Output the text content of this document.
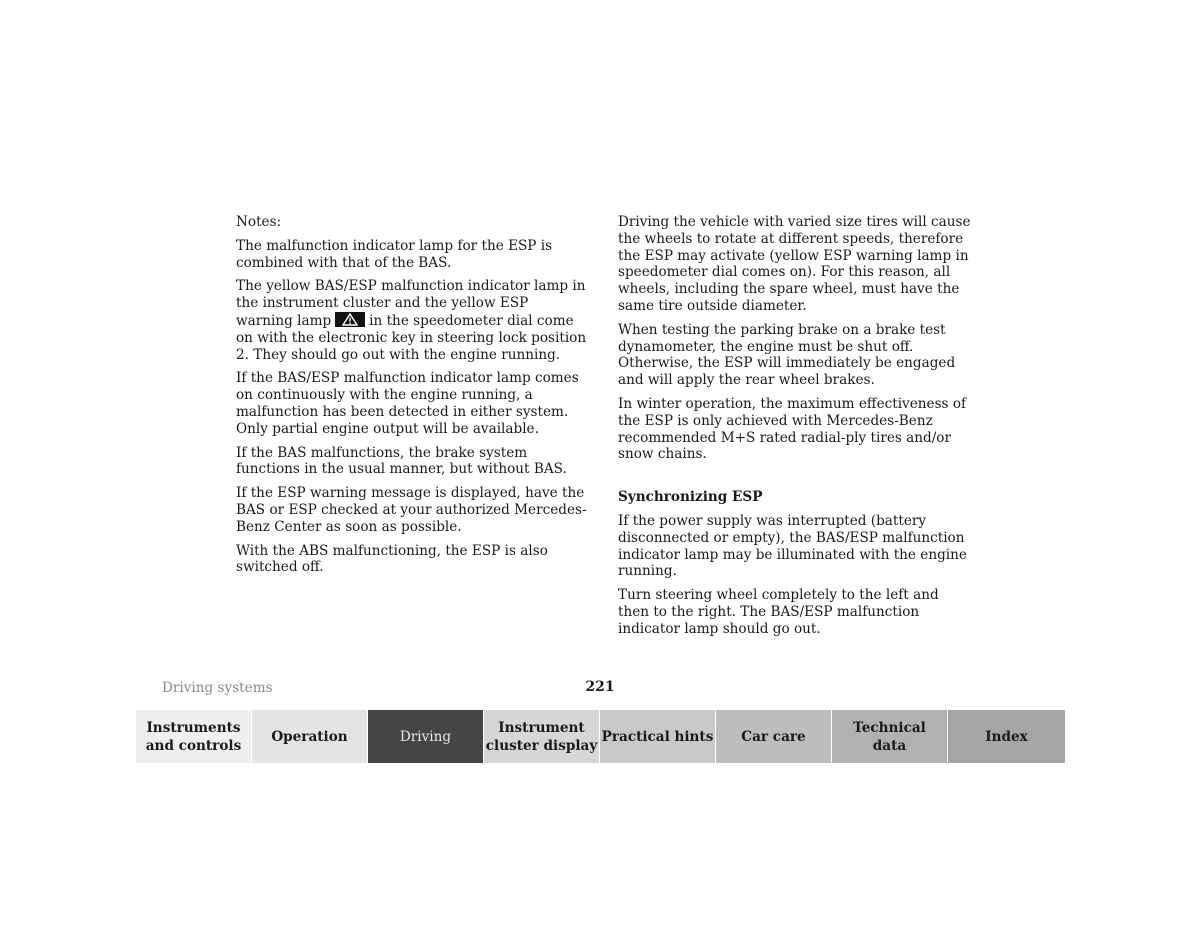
Notes:

The malfunction indicator lamp for the ESP is combined with that of the BAS.

The yellow BAS/ESP malfunction indicator lamp in the instrument cluster and the yellow ESP warning lamp	in the speedometer dial come on with the electronic key in steering lock position 2. They should go out with the engine running.

If the BAS/ESP malfunction indicator lamp comes on continuously with the engine running, a malfunction has been detected in either system. Only partial engine output will be available.

If the BAS malfunctions, the brake system functions in the usual manner, but without BAS.

If the ESP warning message is displayed, have the BAS or ESP checked at your authorized Mercedes-Benz Center as soon as possible.

With the ABS malfunctioning, the ESP is also switched off.

Driving the vehicle with varied size tires will cause the wheels to rotate at different speeds, therefore the ESP may activate (yellow ESP warning lamp in speedometer dial comes on). For this reason, all wheels, including the spare wheel, must have the same tire outside diameter.

When testing the parking brake on a brake test dynamometer, the engine must be shut off. Otherwise, the ESP will immediately be engaged and will apply the rear wheel brakes.

In winter operation, the maximum effectiveness of the ESP is only achieved with Mercedes-Benz recommended M+S rated radial-ply tires and/or snow chains.

Synchronizing ESP

If the power supply was interrupted (battery disconnected or empty), the BAS/ESP malfunction indicator lamp may be illuminated with the engine running.

Turn steering wheel completely to the left and then to the right. The BAS/ESP malfunction indicator lamp should go out.

Driving systems	221
Instruments
and controls
Operation	Driving
Instrument
cluster display
Practical hints Car care
Technical
data
Index
